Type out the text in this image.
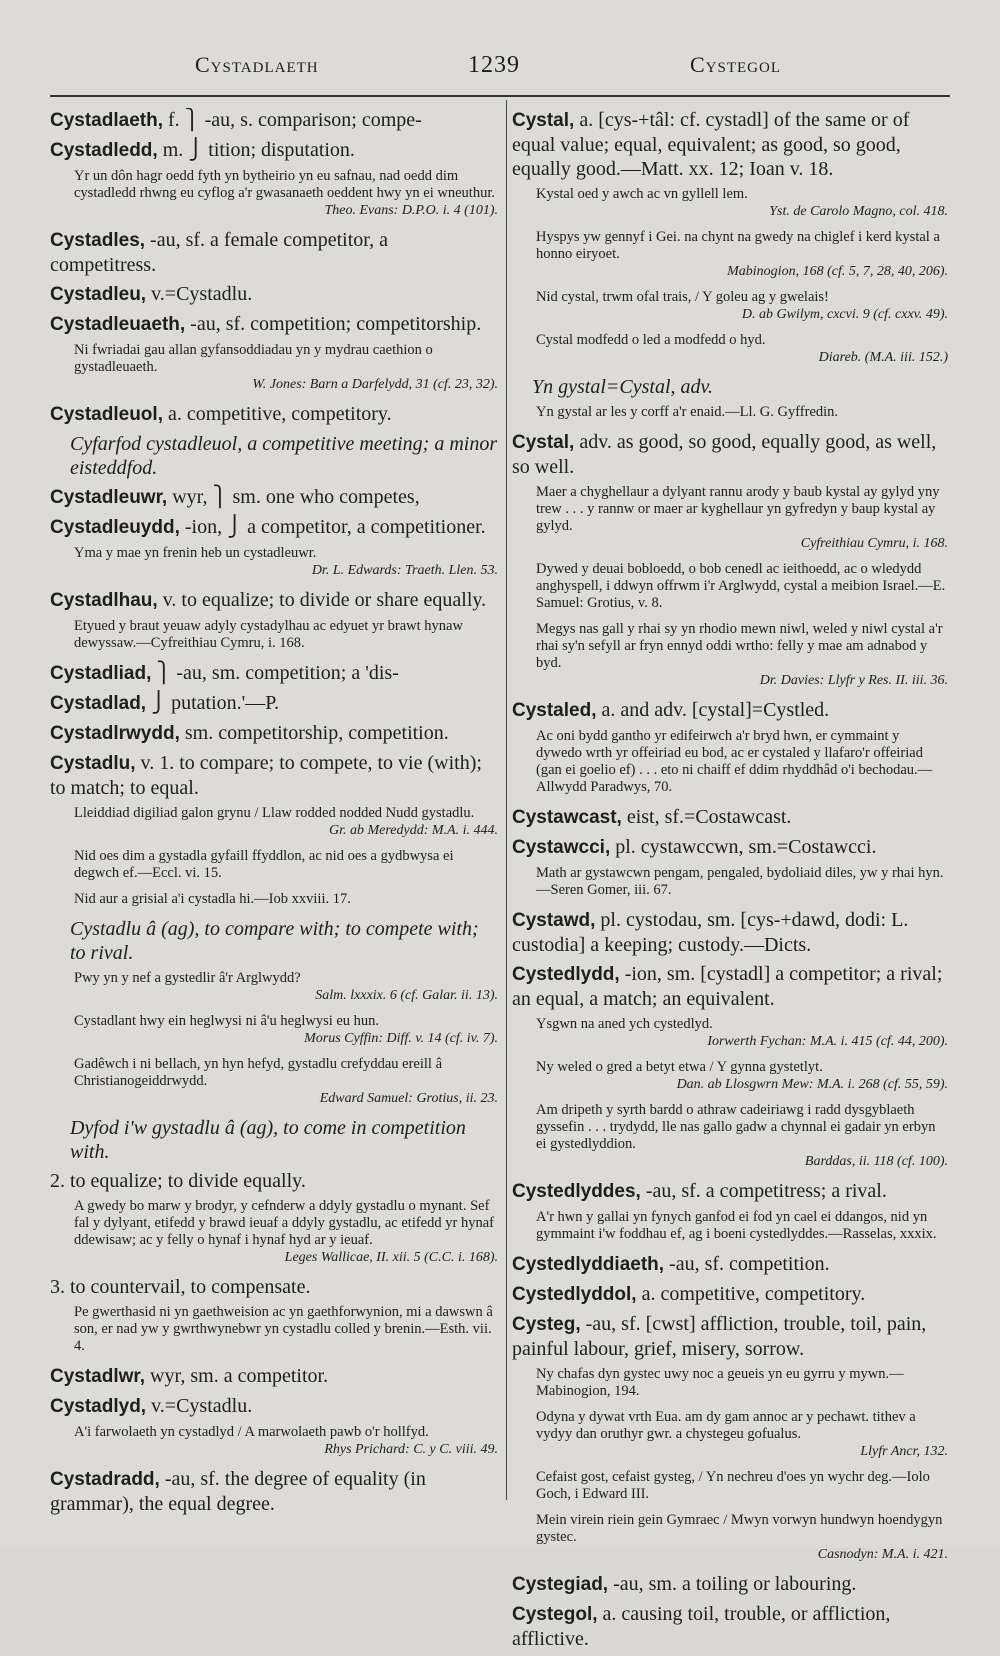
Cystadlaeth	1239	Cystegol
Cystadlaeth, f. ⎫ -au, s. comparison; compe-
Cystadledd, m. ⎭ tition; disputation.
Yr un dôn hagr oedd fyth yn bytheirio yn eu safnau, nad oedd dim cystadledd rhwng eu cyflog a'r gwasanaeth oeddent hwy yn ei wneuthur.
Theo. Evans: D.P.O. i. 4 (101).
Cystadles, -au, sf. a female competitor, a competitress.
Cystadleu, v.=Cystadlu.
Cystadleuaeth, -au, sf. competition; competitorship.
Ni fwriadai gau allan gyfansoddiadau yn y mydrau caethion o gystadleuaeth.
W. Jones: Barn a Darfelydd, 31 (cf. 23, 32).
Cystadleuol, a. competitive, competitory.
Cyfarfod cystadleuol, a competitive meeting; a minor eisteddfod.
Cystadleuwr, wyr, ⎫ sm. one who competes,
Cystadleuydd, -ion, ⎭ a competitor, a competitioner.
Yma y mae yn frenin heb un cystadleuwr.
Dr. L. Edwards: Traeth. Llen. 53.
Cystadlhau, v. to equalize; to divide or share equally.
Etyued y braut yeuaw adyly cystadylhau ac edyuet yr brawt hynaw dewyssaw.—Cyfreithiau Cymru, i. 168.
Cystadliad, ⎫ -au, sm. competition; a 'dis-
Cystadlad, ⎭ putation.'—P.
Cystadlrwydd, sm. competitorship, competition.
Cystadlu, v. 1. to compare; to compete, to vie (with); to match; to equal.
Lleiddiad digiliad galon grynu / Llaw rodded nodded Nudd gystadlu.
Gr. ab Meredydd: M.A. i. 444.
Nid oes dim a gystadla gyfaill ffyddlon, ac nid oes a gydbwysa ei degwch ef.—Eccl. vi. 15.
Nid aur a grisial a'i cystadla hi.—Iob xxviii. 17.
Cystadlu â (ag), to compare with; to compete with; to rival.
Pwy yn y nef a gystedlir â'r Arglwydd?
Salm. lxxxix. 6 (cf. Galar. ii. 13).
Cystadlant hwy ein heglwysi ni â'u heglwysi eu hun.
Morus Cyffin: Diff. v. 14 (cf. iv. 7).
Gadêwch i ni bellach, yn hyn hefyd, gystadlu crefyddau ereill â Christianogeiddrwydd.
Edward Samuel: Grotius, ii. 23.
Dyfod i'w gystadlu â (ag), to come in competition with.
2. to equalize; to divide equally.
A gwedy bo marw y brodyr, y cefnderw a ddyly gystadlu o mynant. Sef fal y dylyant, etifedd y brawd ieuaf a ddyly gystadlu, ac etifedd yr hynaf ddewisaw; ac y felly o hynaf i hynaf hyd ar y ieuaf.
Leges Wallicae, II. xii. 5 (C.C. i. 168).
3. to countervail, to compensate.
Pe gwerthasid ni yn gaethweision ac yn gaethforwynion, mi a dawswn â son, er nad yw y gwrthwynebwr yn cystadlu colled y brenin.—Esth. vii. 4.
Cystadlwr, wyr, sm. a competitor.
Cystadlyd, v.=Cystadlu.
A'i farwolaeth yn cystadlyd / A marwolaeth pawb o'r hollfyd.
Rhys Prichard: C. y C. viii. 49.
Cystadradd, -au, sf. the degree of equality (in grammar), the equal degree.
Cystal, a. [cys-+tâl: cf. cystadl] of the same or of equal value; equal, equivalent; as good, so good, equally good.—Matt. xx. 12; Ioan v. 18.
Kystal oed y awch ac vn gyllell lem.
Yst. de Carolo Magno, col. 418.
Hyspys yw gennyf i Gei. na chynt na gwedy na chiglef i kerd kystal a honno eiryoet.
Mabinogion, 168 (cf. 5, 7, 28, 40, 206).
Nid cystal, trwm ofal trais, / Y goleu ag y gwelais!
D. ab Gwilym, cxcvi. 9 (cf. cxxv. 49).
Cystal modfedd o led a modfedd o hyd.
Diareb. (M.A. iii. 152.)
Yn gystal=Cystal, adv.
Yn gystal ar les y corff a'r enaid.—Ll. G. Gyffredin.
Cystal, adv. as good, so good, equally good, as well, so well.
Maer a chyghellaur a dylyant rannu arody y baub kystal ay gylyd yny trew . . . y rannw or maer ar kyghellaur yn gyfredyn y baup kystal ay gylyd.
Cyfreithiau Cymru, i. 168.
Dywed y deuai bobloedd, o bob cenedl ac ieithoedd, ac o wledydd anghyspell, i ddwyn offrwm i'r Arglwydd, cystal a meibion Israel.—E. Samuel: Grotius, v. 8.
Megys nas gall y rhai sy yn rhodio mewn niwl, weled y niwl cystal a'r rhai sy'n sefyll ar fryn ennyd oddi wrtho: felly y mae am adnabod y byd.
Dr. Davies: Llyfr y Res. II. iii. 36.
Cystaled, a. and adv. [cystal]=Cystled.
Ac oni bydd gantho yr edifeirwch a'r bryd hwn, er cymmaint y dywedo wrth yr offeiriad eu bod, ac er cystaled y llafaro'r offeiriad (gan ei goelio ef) . . . eto ni chaiff ef ddim rhyddhâd o'i bechodau.—Allwydd Paradwys, 70.
Cystawcast, eist, sf.=Costawcast.
Cystawcci, pl. cystawccwn, sm.=Costawcci.
Math ar gystawcwn pengam, pengaled, bydoliaid diles, yw y rhai hyn.—Seren Gomer, iii. 67.
Cystawd, pl. cystodau, sm. [cys-+dawd, dodi: L. custodia] a keeping; custody.—Dicts.
Cystedlydd, -ion, sm. [cystadl] a competitor; a rival; an equal, a match; an equivalent.
Ysgwn na aned ych cystedlyd.
Iorwerth Fychan: M.A. i. 415 (cf. 44, 200).
Ny weled o gred a betyt etwa / Y gynna gystetlyt.
Dan. ab Llosgwrn Mew: M.A. i. 268 (cf. 55, 59).
Am dripeth y syrth bardd o athraw cadeiriawg i radd dysgyblaeth gyssefin . . . trydydd, lle nas gallo gadw a chynnal ei gadair yn erbyn ei gystedlyddion.
Barddas, ii. 118 (cf. 100).
Cystedlyddes, -au, sf. a competitress; a rival.
A'r hwn y gallai yn fynych ganfod ei fod yn cael ei ddangos, nid yn gymmaint i'w foddhau ef, ag i boeni cystedlyddes.—Rasselas, xxxix.
Cystedlyddiaeth, -au, sf. competition.
Cystedlyddol, a. competitive, competitory.
Cysteg, -au, sf. [cwst] affliction, trouble, toil, pain, painful labour, grief, misery, sorrow.
Ny chafas dyn gystec uwy noc a geueis yn eu gyrru y mywn.—Mabinogion, 194.
Odyna y dywat vrth Eua. am dy gam annoc ar y pechawt. tithev a vydyy dan oruthyr gwr. a chystegeu gofualus.
Llyfr Ancr, 132.
Cefaist gost, cefaist gysteg, / Yn nechreu d'oes yn wychr deg.—Iolo Goch, i Edward III.
Mein virein riein gein Gymraec / Mwyn vorwyn hundwyn hoendygyn gystec.
Casnodyn: M.A. i. 421.
Cystegiad, -au, sm. a toiling or labouring.
Cystegol, a. causing toil, trouble, or affliction, afflictive.
